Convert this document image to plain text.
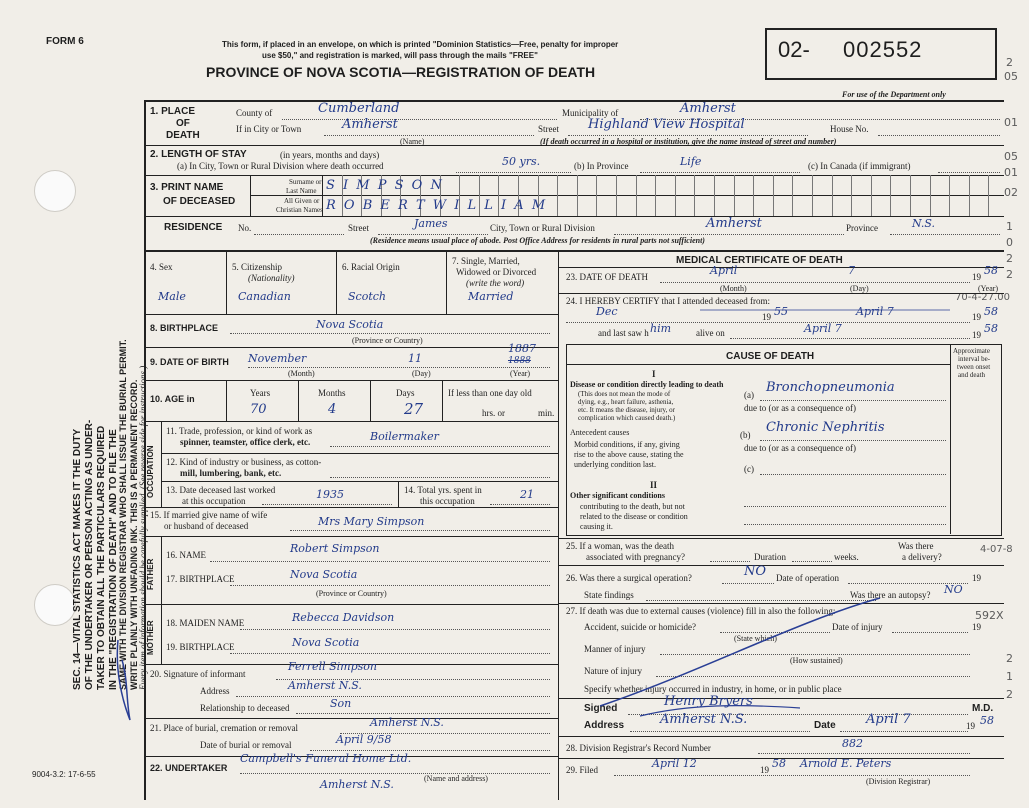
SEC. 14—VITAL STATISTICS ACT MAKES IT THE DUTY OF THE UNDERTAKER OR PERSON ACTING AS UNDER- TAKER TO OBTAIN ALL THE PARTICULARS REQUIRED IN THE "REGISTRATION OF DEATH" AND TO FILE THE SAME WITH THE DIVISION REGISTRAR WHO SHALL ISSUE THE BURIAL PERMIT. WRITE PLAINLY WITH UNFADING INK. THIS IS A PERMANENT RECORD. Every item of information should be carefully supplied. (See reverse side for instructions.)
FORM 6	This form, if placed in an envelope, on which is printed "Dominion Statistics—Free, penalty for improper
use $50," and registration is marked, will pass through the mails "FREE"
PROVINCE OF NOVA SCOTIA—REGISTRATION OF DEATH
02- 002552
For use of the Department only
2
05
01
05
01
02
1
0
2
2
70-4-27.00
4-07-8
592X
2
1
2
1. PLACE
OF
DEATH
County of	Cumberland	Municipality of	Amherst
If in City or Town	Amherst
(Name)
Street Highland View Hospital	House No.
(If death occurred in a hospital or institution, give the name instead of street and number)
2. LENGTH OF STAY	(in years, months and days)
(a) In City, Town or Rural Division where death occurred	50 yrs.	(b) In Province	Life	(c) In Canada (if immigrant)
3. PRINT NAME
OF DECEASED
Surname or
Last Name
All Given or
Christian Names
S I M P S O N
R O B E R T W I L L I A M
RESIDENCE No.	Street	James	City, Town or Rural Division	Amherst	Province	N.S.
(Residence means usual place of abode. Post Office Address for residents in rural parts not sufficient)
4. Sex	5. Citizenship
(Nationality)
6. Racial Origin
7. Single, Married,
Widowed or Divorced
(write the word)
Male	Canadian	Scotch	Married
8. BIRTHPLACE	Nova Scotia
(Province or Country)
9. DATE OF BIRTH November	11
1887
1888
(Month)	(Day)	(Year)
10. AGE in
Years	Months	Days	If less than one day old
hrs. or	min.
70	4	27
OCCUPATION
11. Trade, profession, or kind of work as
spinner, teamster, office clerk, etc.	Boilermaker
12. Kind of industry or business, as cotton-
mill, lumbering, bank, etc.
13. Date deceased last worked
at this occupation	1935	14. Total yrs. spent in
this occupation	21
15. If married give name of wife
or husband of deceased	Mrs Mary Simpson
FATHER
16. NAME	Robert Simpson
17. BIRTHPLACE	Nova Scotia
(Province or Country)
MOTHER 18. MAIDEN NAME	Rebecca Davidson
19. BIRTHPLACE	Nova Scotia
20. Signature of informant
Ferrell Simpson
Address	Amherst N.S.
Relationship to deceased	Son
21. Place of burial, cremation or removal	Amherst N.S.
Date of burial or removal	April 9/58
22. UNDERTAKER
Campbell's Funeral Home Ltd.
(Name and address)
Amherst N.S.
9004-3.2: 17-6-55
MEDICAL CERTIFICATE OF DEATH
23. DATE OF DEATH	April	7	19 58
(Month)	(Day)	(Year)
24. I HEREBY CERTIFY that I attended deceased from:
Dec	19 55	April 7	19 58
and last saw h him	alive on	April 7	19 58
CAUSE OF DEATH	Approximate
interval be-
tween onset
and death
I
Disease or condition directly leading to death
(This does not mean the mode of
dying, e.g., heart failure, asthenia,
etc. It means the disease, injury, or
complication which caused death.)
(a) Bronchopneumonia
due to (or as a consequence of)
Antecedent causes
Morbid conditions, if any, giving
rise to the above cause, stating the
underlying condition last.
(b) Chronic Nephritis
due to (or as a consequence of)
(c)
II
Other significant conditions
contributing to the death, but not
related to the disease or condition
causing it.
25. If a woman, was the death
associated with pregnancy?	Duration	weeks.
Was there
a delivery?
26. Was there a surgical operation?	NO Date of operation	19
State findings	Was there an autopsy? NO
27. If death was due to external causes (violence) fill in also the following:
Accident, suicide or homicide?
(State which)
Date of injury	19
Manner of injury
(How sustained)
Nature of injury
Specify whether injury occurred in industry, in home, or in public place
Signed	Henry Bryers	M.D.
Address	Amherst N.S.	Date April 7	19 58
28. Division Registrar's Record Number	882
29. Filed	April 12	19 58 Arnold E. Peters
(Division Registrar)
